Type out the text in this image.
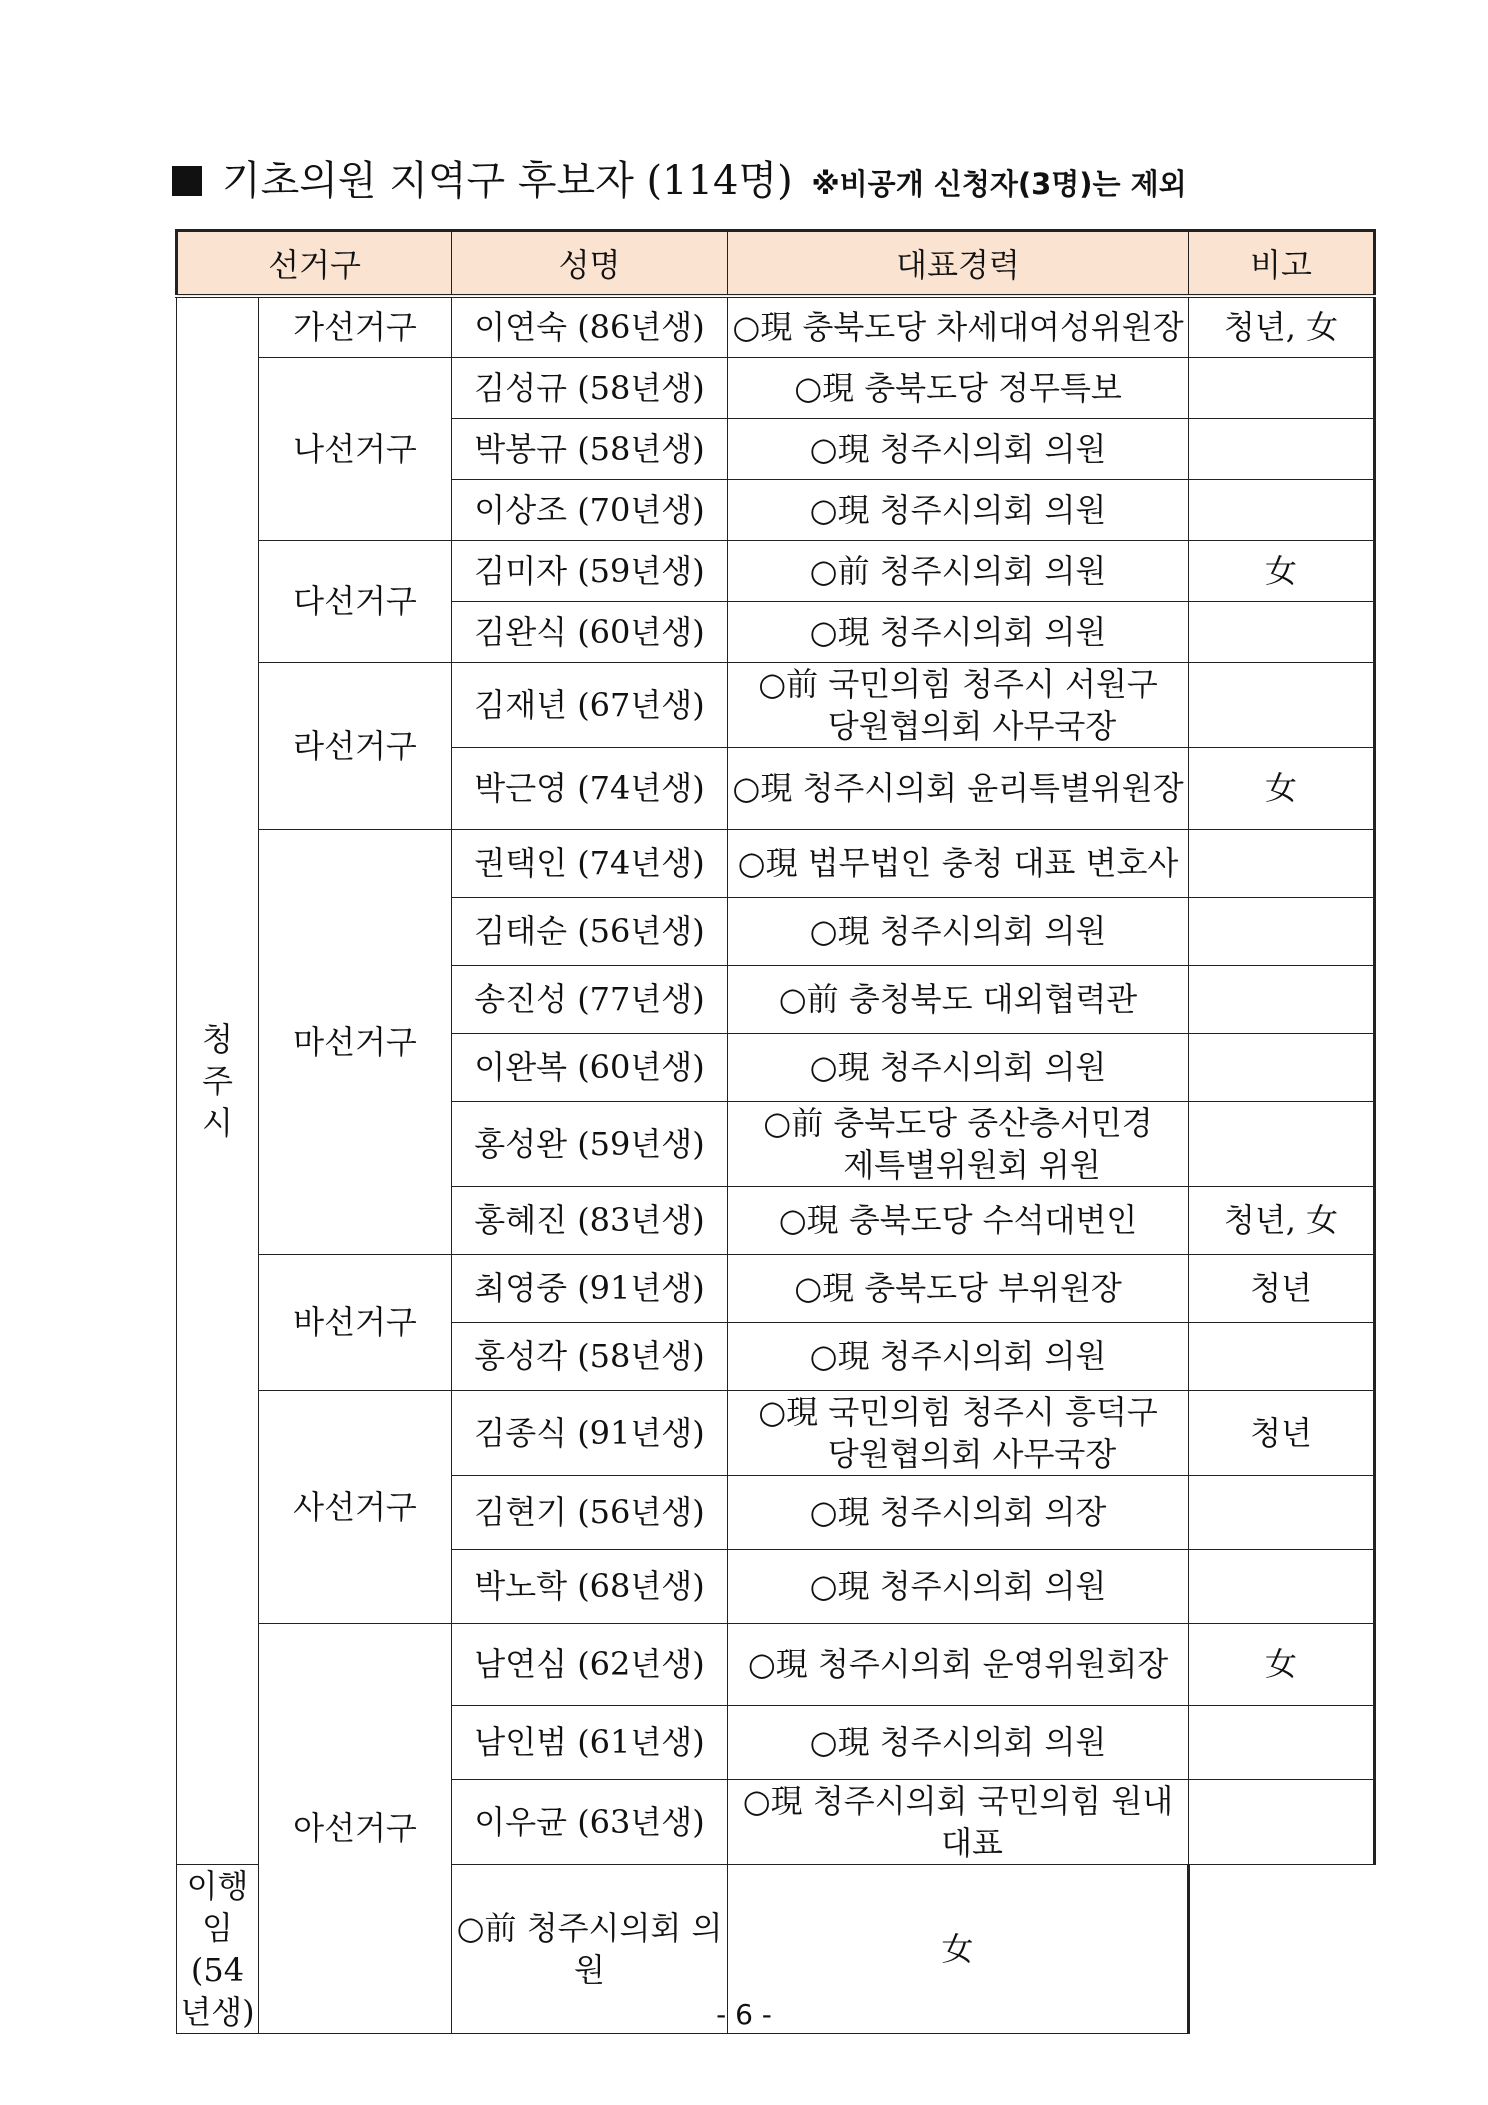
기초의원 지역구 후보자 (114명) ※비공개 신청자(3명)는 제외
선거구		성명	대표경력	비고

청
주
시	가선거구	이연숙 (86년생)	○現 충북도당 차세대여성위원장	청년, 女
	나선거구	김성규 (58년생)	○現 충북도당 정무특보	

		박봉규 (58년생)	○現 청주시의회 의원	

		이상조 (70년생)	○現 청주시의회 의원	

	다선거구	김미자 (59년생)	○前 청주시의회 의원	女
		김완식 (60년생)	○現 청주시의회 의원	

	라선거구	김재년 (67년생)	○前 국민의힘 청주시 서원구
당원협의회 사무국장	

		박근영 (74년생)	○現 청주시의회 윤리특별위원장	女
	마선거구	권택인 (74년생)	○現 법무법인 충청 대표 변호사	

		김태순 (56년생)	○現 청주시의회 의원	

		송진성 (77년생)	○前 충청북도 대외협력관	

		이완복 (60년생)	○現 청주시의회 의원	

		홍성완 (59년생)	○前 충북도당 중산층서민경
제특별위원회 위원	

		홍혜진 (83년생)	○現 충북도당 수석대변인	청년, 女
	바선거구	최영중 (91년생)	○現 충북도당 부위원장	청년
		홍성각 (58년생)	○現 청주시의회 의원	

	사선거구	김종식 (91년생)	○現 국민의힘 청주시 흥덕구
당원협의회 사무국장	청년
		김현기 (56년생)	○現 청주시의회 의장	

		박노학 (68년생)	○現 청주시의회 의원	

	아선거구	남연심 (62년생)	○現 청주시의회 운영위원회장	女
		남인범 (61년생)	○現 청주시의회 의원	

		이우균 (63년생)	○現 청주시의회 국민의힘 원내
대표	

이행임 (54년생)		○前 청주시의회 의원	女	
- 6 -
